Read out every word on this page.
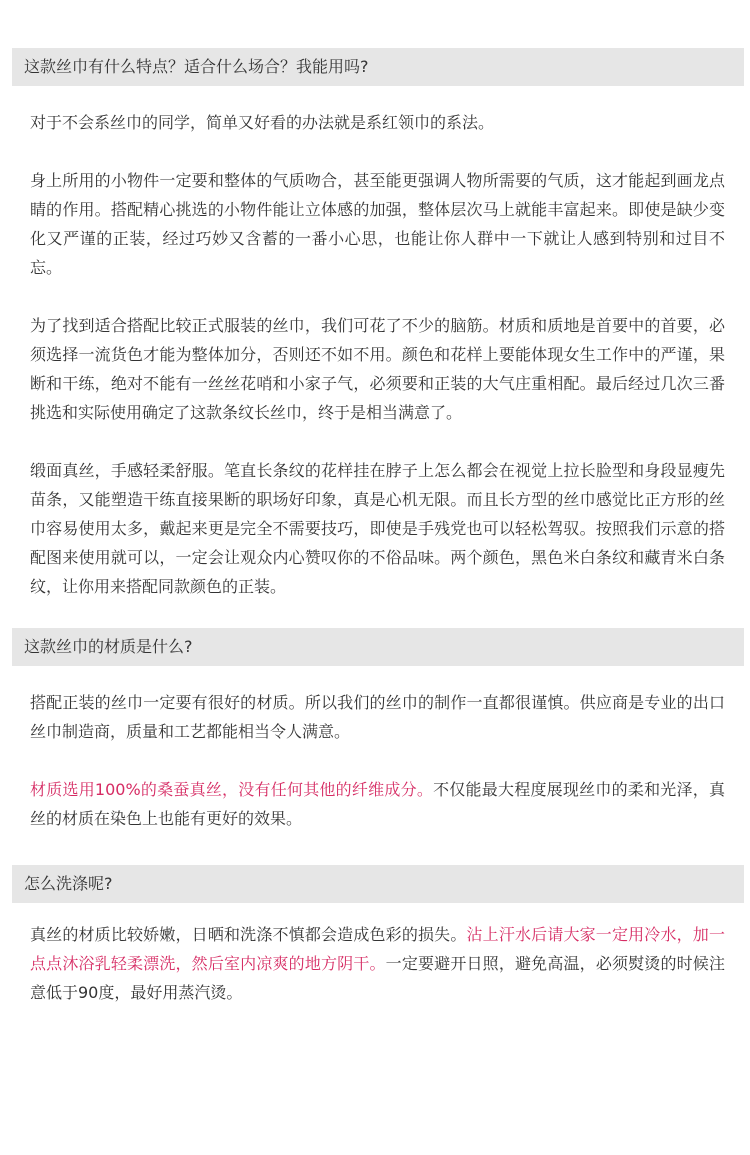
这款丝巾有什么特点？适合什么场合？我能用吗?

对于不会系丝巾的同学，简单又好看的办法就是系红领巾的系法。

身上所用的小物件一定要和整体的气质吻合，甚至能更强调人物所需要的气质，这才能起到画龙点睛的作用。搭配精心挑选的小物件能让立体感的加强，整体层次马上就能丰富起来。即使是缺少变化又严谨的正装，经过巧妙又含蓄的一番小心思，也能让你人群中一下就让人感到特别和过目不忘。

为了找到适合搭配比较正式服装的丝巾，我们可花了不少的脑筋。材质和质地是首要中的首要，必须选择一流货色才能为整体加分，否则还不如不用。颜色和花样上要能体现女生工作中的严谨，果断和干练，绝对不能有一丝丝花哨和小家子气，必须要和正装的大气庄重相配。最后经过几次三番挑选和实际使用确定了这款条纹长丝巾，终于是相当满意了。

缎面真丝，手感轻柔舒服。笔直长条纹的花样挂在脖子上怎么都会在视觉上拉长脸型和身段显瘦先苗条，又能塑造干练直接果断的职场好印象，真是心机无限。而且长方型的丝巾感觉比正方形的丝巾容易使用太多，戴起来更是完全不需要技巧，即使是手残党也可以轻松驾驭。按照我们示意的搭配图来使用就可以，一定会让观众内心赞叹你的不俗品味。两个颜色，黑色米白条纹和藏青米白条纹，让你用来搭配同款颜色的正装。

这款丝巾的材质是什么?

搭配正装的丝巾一定要有很好的材质。所以我们的丝巾的制作一直都很谨慎。供应商是专业的出口丝巾制造商，质量和工艺都能相当令人满意。

材质选用100%的桑蚕真丝，没有任何其他的纤维成分。不仅能最大程度展现丝巾的柔和光泽，真丝的材质在染色上也能有更好的效果。

怎么洗涤呢?

真丝的材质比较娇嫩，日晒和洗涤不慎都会造成色彩的损失。沾上汗水后请大家一定用冷水，加一点点沐浴乳轻柔漂洗，然后室内凉爽的地方阴干。一定要避开日照，避免高温，必须熨烫的时候注意低于90度，最好用蒸汽烫。
